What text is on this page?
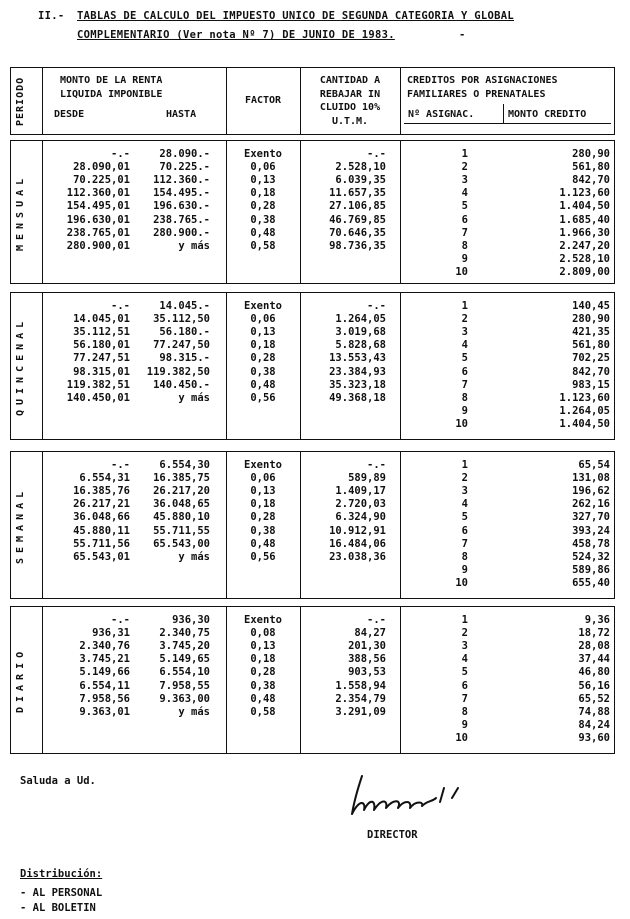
II.- TABLAS DE CALCULO DEL IMPUESTO UNICO DE SEGUNDA CATEGORIA Y GLOBAL
COMPLEMENTARIO (Ver nota Nº 7) DE JUNIO DE 1983.	-
PERIODO	MONTO DE LA RENTA
LIQUIDA IMPONIBLE
DESDE	HASTA
FACTOR
CANTIDAD A
REBAJAR IN
CLUIDO 10%
U.T.M.
CREDITOS POR ASIGNACIONES
FAMILIARES O PRENATALES
Nº ASIGNAC.	MONTO CREDITO
MENSUAL
-.-	28.090.-	Exento	-.-
28.090,01	70.225.-	0,06	2.528,10
70.225,01	112.360.-	0,13	6.039,35
112.360,01	154.495.-	0,18	11.657,35
154.495,01	196.630.-	0,28	27.106,85
196.630,01	238.765.-	0,38	46.769,85
238.765,01	280.900.-	0,48	70.646,35
280.900,01	y más	0,58	98.736,35
1	280,90
2	561,80
3	842,70
4	1.123,60
5	1.404,50
6	1.685,40
7	1.966,30
8	2.247,20
9	2.528,10
10	2.809,00
QUINCENAL
-.-	14.045.-	Exento	-.-
14.045,01	35.112,50	0,06	1.264,05
35.112,51	56.180.-	0,13	3.019,68
56.180,01	77.247,50	0,18	5.828,68
77.247,51	98.315.-	0,28	13.553,43
98.315,01	119.382,50	0,38	23.384,93
119.382,51	140.450.-	0,48	35.323,18
140.450,01	y más	0,56	49.368,18
1	140,45
2	280,90
3	421,35
4	561,80
5	702,25
6	842,70
7	983,15
8	1.123,60
9	1.264,05
10	1.404,50
SEMANAL
-.-	6.554,30	Exento	-.-
6.554,31	16.385,75	0,06	589,89
16.385,76	26.217,20	0,13	1.409,17
26.217,21	36.048,65	0,18	2.720,03
36.048,66	45.880,10	0,28	6.324,90
45.880,11	55.711,55	0,38	10.912,91
55.711,56	65.543,00	0,48	16.484,06
65.543,01	y más	0,56	23.038,36
1	65,54
2	131,08
3	196,62
4	262,16
5	327,70
6	393,24
7	458,78
8	524,32
9	589,86
10	655,40
DIARIO
-.-	936,30	Exento	-.-
936,31	2.340,75	0,08	84,27
2.340,76	3.745,20	0,13	201,30
3.745,21	5.149,65	0,18	388,56
5.149,66	6.554,10	0,28	903,53
6.554,11	7.958,55	0,38	1.558,94
7.958,56	9.363,00	0,48	2.354,79
9.363,01	y más	0,58	3.291,09
1	9,36
2	18,72
3	28,08
4	37,44
5	46,80
6	56,16
7	65,52
8	74,88
9	84,24
10	93,60
Saluda a Ud.
DIRECTOR
Distribución:
- AL PERSONAL
- AL BOLETIN
